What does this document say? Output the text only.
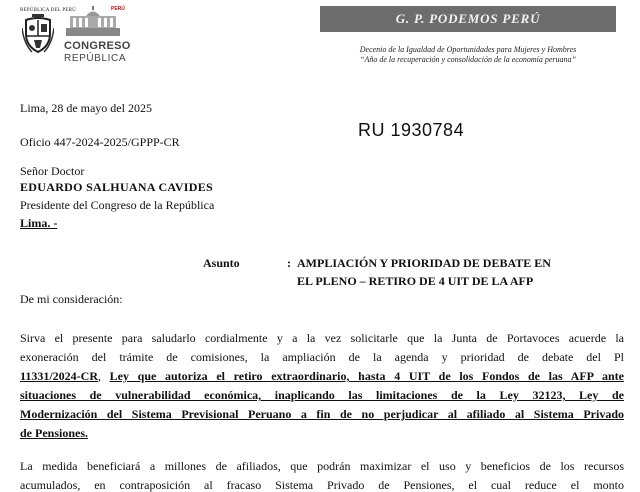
REPÚBLICA DEL PERÚ	PERÚ
CONGRESO
REPÚBLICA
G. P. PODEMOS PERÚ
Decenio de la Igualdad de Oportunidades para Mujeres y Hombres
“Año de la recuperación y consolidación de la economía peruana”
Lima, 28 de mayo del 2025
Oficio 447-2024-2025/GPPP-CR
RU 1930784
Señor Doctor
EDUARDO SALHUANA CAVIDES
Presidente del Congreso de la República
Lima. -
Asunto	: AMPLIACIÓN Y PRIORIDAD DE DEBATE EN
EL PLENO – RETIRO DE 4 UIT DE LA AFP
De mi consideración:
Sirva el presente para saludarlo cordialmente y a la vez solicitarle que la Junta de Portavoces acuerde la
exoneración del trámite de comisiones, la ampliación de la agenda y prioridad de debate del Pl
11331/2024-CR, Ley que autoriza el retiro extraordinario, hasta 4 UIT de los Fondos de las AFP ante
situaciones de vulnerabilidad económica, inaplicando las limitaciones de la Ley 32123, Ley de
Modernización del Sistema Previsional Peruano a fin de no perjudicar al afiliado al Sistema Privado
de Pensiones.
La medida beneficiará a millones de afiliados, que podrán maximizar el uso y beneficios de los recursos
acumulados, en contraposición al fracaso Sistema Privado de Pensiones, el cual reduce el monto
